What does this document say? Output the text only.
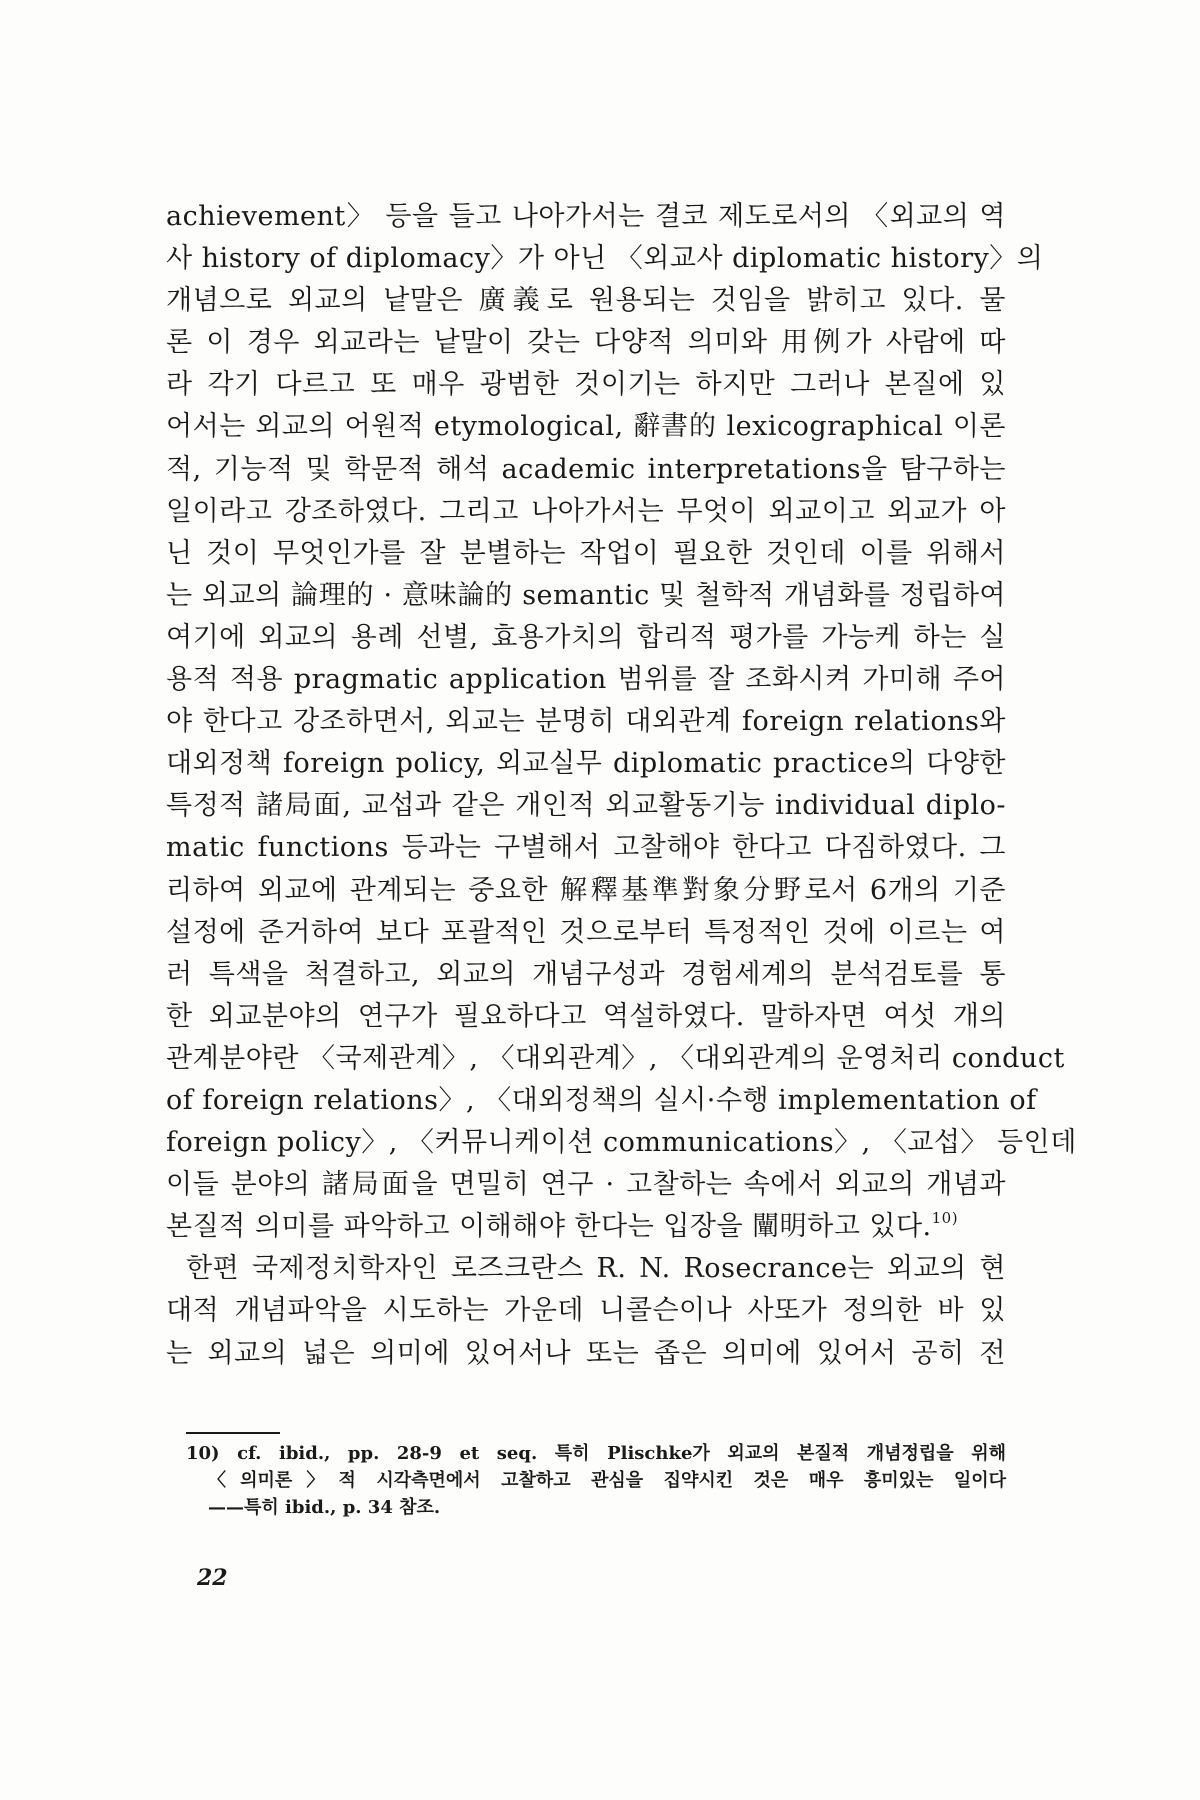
achievement〉 등을 들고 나아가서는 결코 제도로서의 〈외교의 역
사 history of diplomacy〉가 아닌 〈외교사 diplomatic history〉의
개념으로 외교의 낱말은 廣義로 원용되는 것임을 밝히고 있다. 물
론 이 경우 외교라는 낱말이 갖는 다양적 의미와 用例가 사람에 따
라 각기 다르고 또 매우 광범한 것이기는 하지만 그러나 본질에 있
어서는 외교의 어원적 etymological, 辭書的 lexicographical 이론
적, 기능적 및 학문적 해석 academic interpretations을 탐구하는
일이라고 강조하였다. 그리고 나아가서는 무엇이 외교이고 외교가 아
닌 것이 무엇인가를 잘 분별하는 작업이 필요한 것인데 이를 위해서
는 외교의 論理的 · 意味論的 semantic 및 철학적 개념화를 정립하여
여기에 외교의 용례 선별, 효용가치의 합리적 평가를 가능케 하는 실
용적 적용 pragmatic application 범위를 잘 조화시켜 가미해 주어
야 한다고 강조하면서, 외교는 분명히 대외관계 foreign relations와
대외정책 foreign policy, 외교실무 diplomatic practice의 다양한
특정적 諸局面, 교섭과 같은 개인적 외교활동기능 individual diplo-
matic functions 등과는 구별해서 고찰해야 한다고 다짐하였다. 그
리하여 외교에 관계되는 중요한 解釋基準對象分野로서 6개의 기준
설정에 준거하여 보다 포괄적인 것으로부터 특정적인 것에 이르는 여
러 특색을 척결하고, 외교의 개념구성과 경험세계의 분석검토를 통
한 외교분야의 연구가 필요하다고 역설하였다. 말하자면 여섯 개의
관계분야란 〈국제관계〉, 〈대외관계〉, 〈대외관계의 운영처리 conduct
of foreign relations〉, 〈대외정책의 실시·수행 implementation of
foreign policy〉, 〈커뮤니케이션 communications〉, 〈교섭〉 등인데
이들 분야의 諸局面을 면밀히 연구 · 고찰하는 속에서 외교의 개념과
본질적 의미를 파악하고 이해해야 한다는 입장을 闡明하고 있다.$^{10)}$
한편 국제정치학자인 로즈크란스 R. N. Rosecrance는 외교의 현
대적 개념파악을 시도하는 가운데 니콜슨이나 사또가 정의한 바 있
는 외교의 넓은 의미에 있어서나 또는 좁은 의미에 있어서 공히 전
10) cf. ibid., pp. 28-9 et seq. 특히 Plischke가 외교의 본질적 개념정립을 위해
〈의미론〉적 시각측면에서 고찰하고 관심을 집약시킨 것은 매우 흥미있는 일이다
——특히 ibid., p. 34 참조.
22
